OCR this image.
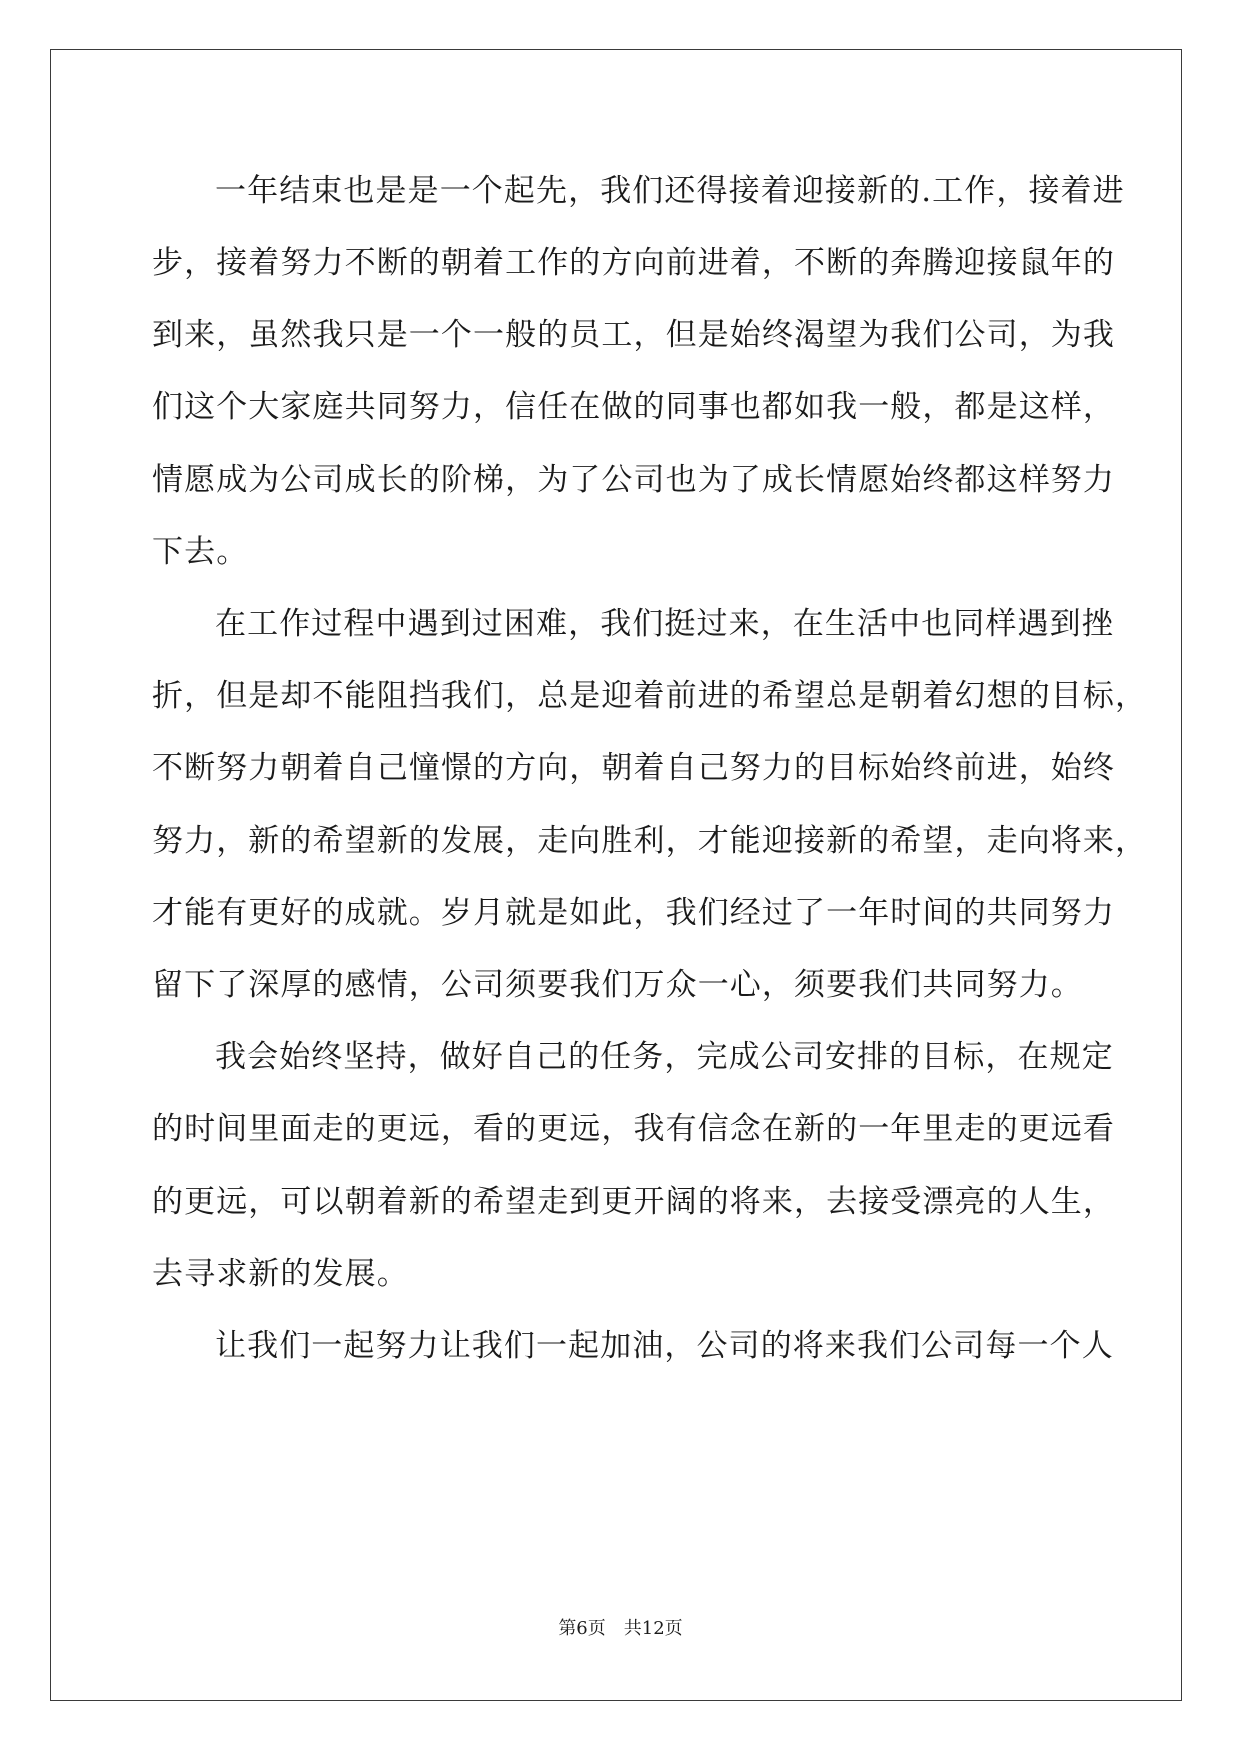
一年结束也是是一个起先，我们还得接着迎接新的.工作，接着进

步，接着努力不断的朝着工作的方向前进着，不断的奔腾迎接鼠年的

到来，虽然我只是一个一般的员工，但是始终渴望为我们公司，为我

们这个大家庭共同努力，信任在做的同事也都如我一般，都是这样，

情愿成为公司成长的阶梯，为了公司也为了成长情愿始终都这样努力

下去。

在工作过程中遇到过困难，我们挺过来，在生活中也同样遇到挫

折，但是却不能阻挡我们，总是迎着前进的希望总是朝着幻想的目标，

不断努力朝着自己憧憬的方向，朝着自己努力的目标始终前进，始终

努力，新的希望新的发展，走向胜利，才能迎接新的希望，走向将来，

才能有更好的成就。岁月就是如此，我们经过了一年时间的共同努力

留下了深厚的感情，公司须要我们万众一心，须要我们共同努力。

我会始终坚持，做好自己的任务，完成公司安排的目标，在规定

的时间里面走的更远，看的更远，我有信念在新的一年里走的更远看

的更远，可以朝着新的希望走到更开阔的将来，去接受漂亮的人生，

去寻求新的发展。

让我们一起努力让我们一起加油，公司的将来我们公司每一个人

第6页　共12页
